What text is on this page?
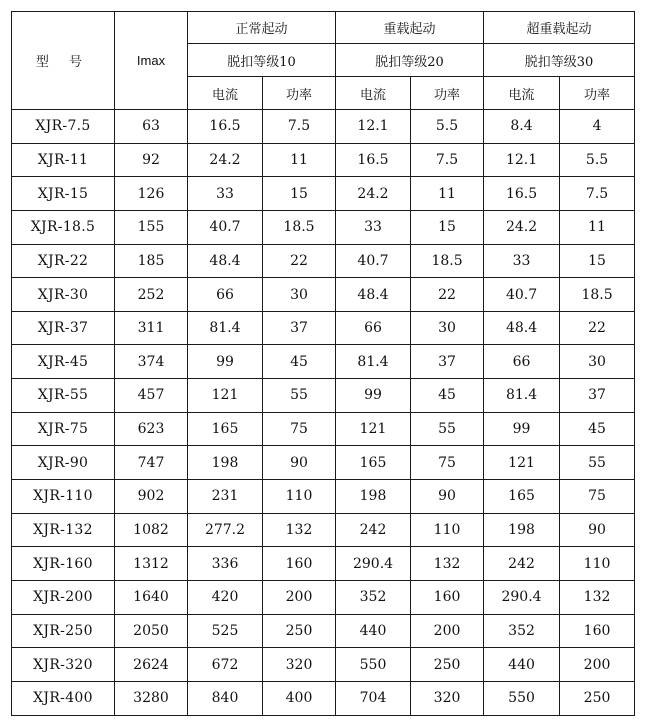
型 号	Imax	正常起动		重载起动		超重载起动	
		脱扣等级10		脱扣等级20		脱扣等级30	
		电流	功率	电流	功率	电流	功率
XJR-7.5	63	16.5	7.5	12.1	5.5	8.4	4
XJR-11	92	24.2	11	16.5	7.5	12.1	5.5
XJR-15	126	33	15	24.2	11	16.5	7.5
XJR-18.5	155	40.7	18.5	33	15	24.2	11
XJR-22	185	48.4	22	40.7	18.5	33	15
XJR-30	252	66	30	48.4	22	40.7	18.5
XJR-37	311	81.4	37	66	30	48.4	22
XJR-45	374	99	45	81.4	37	66	30
XJR-55	457	121	55	99	45	81.4	37
XJR-75	623	165	75	121	55	99	45
XJR-90	747	198	90	165	75	121	55
XJR-110	902	231	110	198	90	165	75
XJR-132	1082	277.2	132	242	110	198	90
XJR-160	1312	336	160	290.4	132	242	110
XJR-200	1640	420	200	352	160	290.4	132
XJR-250	2050	525	250	440	200	352	160
XJR-320	2624	672	320	550	250	440	200
XJR-400	3280	840	400	704	320	550	250
